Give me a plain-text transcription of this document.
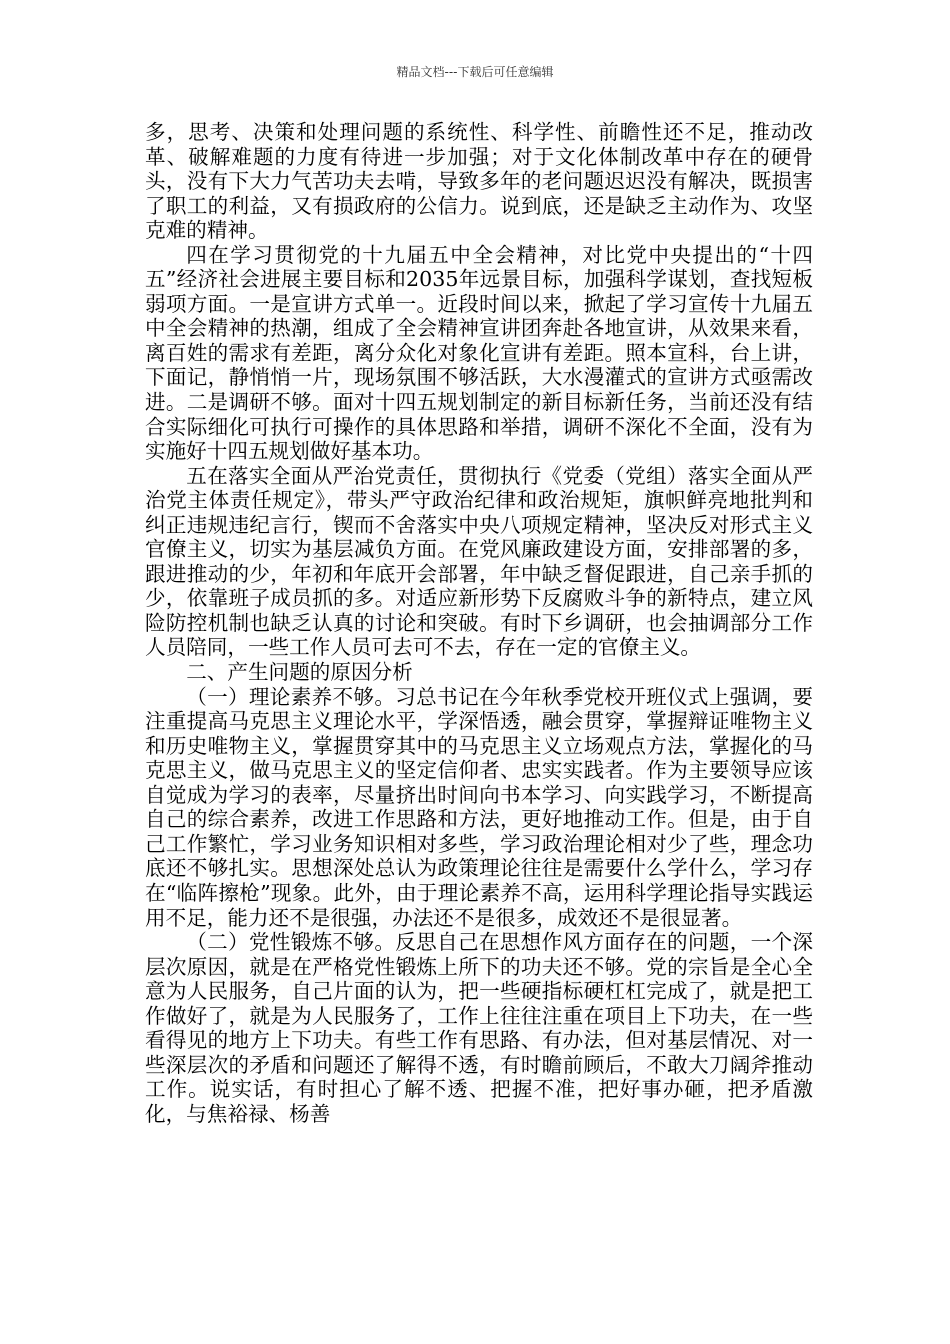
精品文档---下载后可任意编辑

多，思考、决策和处理问题的系统性、科学性、前瞻性还不足，推动改革、破解难题的力度有待进一步加强；对于文化体制改革中存在的硬骨头，没有下大力气苦功夫去啃，导致多年的老问题迟迟没有解决，既损害了职工的利益，又有损政府的公信力。说到底，还是缺乏主动作为、攻坚克难的精神。

四在学习贯彻党的十九届五中全会精神，对比党中央提出的“十四五”经济社会进展主要目标和2035年远景目标，加强科学谋划，查找短板弱项方面。一是宣讲方式单一。近段时间以来，掀起了学习宣传十九届五中全会精神的热潮，组成了全会精神宣讲团奔赴各地宣讲，从效果来看，离百姓的需求有差距，离分众化对象化宣讲有差距。照本宣科，台上讲，下面记，静悄悄一片，现场氛围不够活跃，大水漫灌式的宣讲方式亟需改进。二是调研不够。面对十四五规划制定的新目标新任务，当前还没有结合实际细化可执行可操作的具体思路和举措，调研不深化不全面，没有为实施好十四五规划做好基本功。

五在落实全面从严治党责任，贯彻执行《党委（党组）落实全面从严治党主体责任规定》，带头严守政治纪律和政治规矩，旗帜鲜亮地批判和纠正违规违纪言行，锲而不舍落实中央八项规定精神，坚决反对形式主义官僚主义，切实为基层减负方面。在党风廉政建设方面，安排部署的多，跟进推动的少，年初和年底开会部署，年中缺乏督促跟进，自己亲手抓的少，依靠班子成员抓的多。对适应新形势下反腐败斗争的新特点，建立风险防控机制也缺乏认真的讨论和突破。有时下乡调研，也会抽调部分工作人员陪同，一些工作人员可去可不去，存在一定的官僚主义。

二、产生问题的原因分析

（一）理论素养不够。习总书记在今年秋季党校开班仪式上强调，要注重提高马克思主义理论水平，学深悟透，融会贯穿，掌握辩证唯物主义和历史唯物主义，掌握贯穿其中的马克思主义立场观点方法，掌握化的马克思主义，做马克思主义的坚定信仰者、忠实实践者。作为主要领导应该自觉成为学习的表率，尽量挤出时间向书本学习、向实践学习，不断提高自己的综合素养，改进工作思路和方法，更好地推动工作。但是，由于自己工作繁忙，学习业务知识相对多些，学习政治理论相对少了些，理念功底还不够扎实。思想深处总认为政策理论往往是需要什么学什么，学习存在“临阵擦枪”现象。此外，由于理论素养不高，运用科学理论指导实践运用不足，能力还不是很强，办法还不是很多，成效还不是很显著。

（二）党性锻炼不够。反思自己在思想作风方面存在的问题，一个深层次原因，就是在严格党性锻炼上所下的功夫还不够。党的宗旨是全心全意为人民服务，自己片面的认为，把一些硬指标硬杠杠完成了，就是把工作做好了，就是为人民服务了，工作上往往注重在项目上下功夫，在一些看得见的地方上下功夫。有些工作有思路、有办法，但对基层情况、对一些深层次的矛盾和问题还了解得不透，有时瞻前顾后，不敢大刀阔斧推动工作。说实话，有时担心了解不透、把握不准，把好事办砸，把矛盾激化，与焦裕禄、杨善
